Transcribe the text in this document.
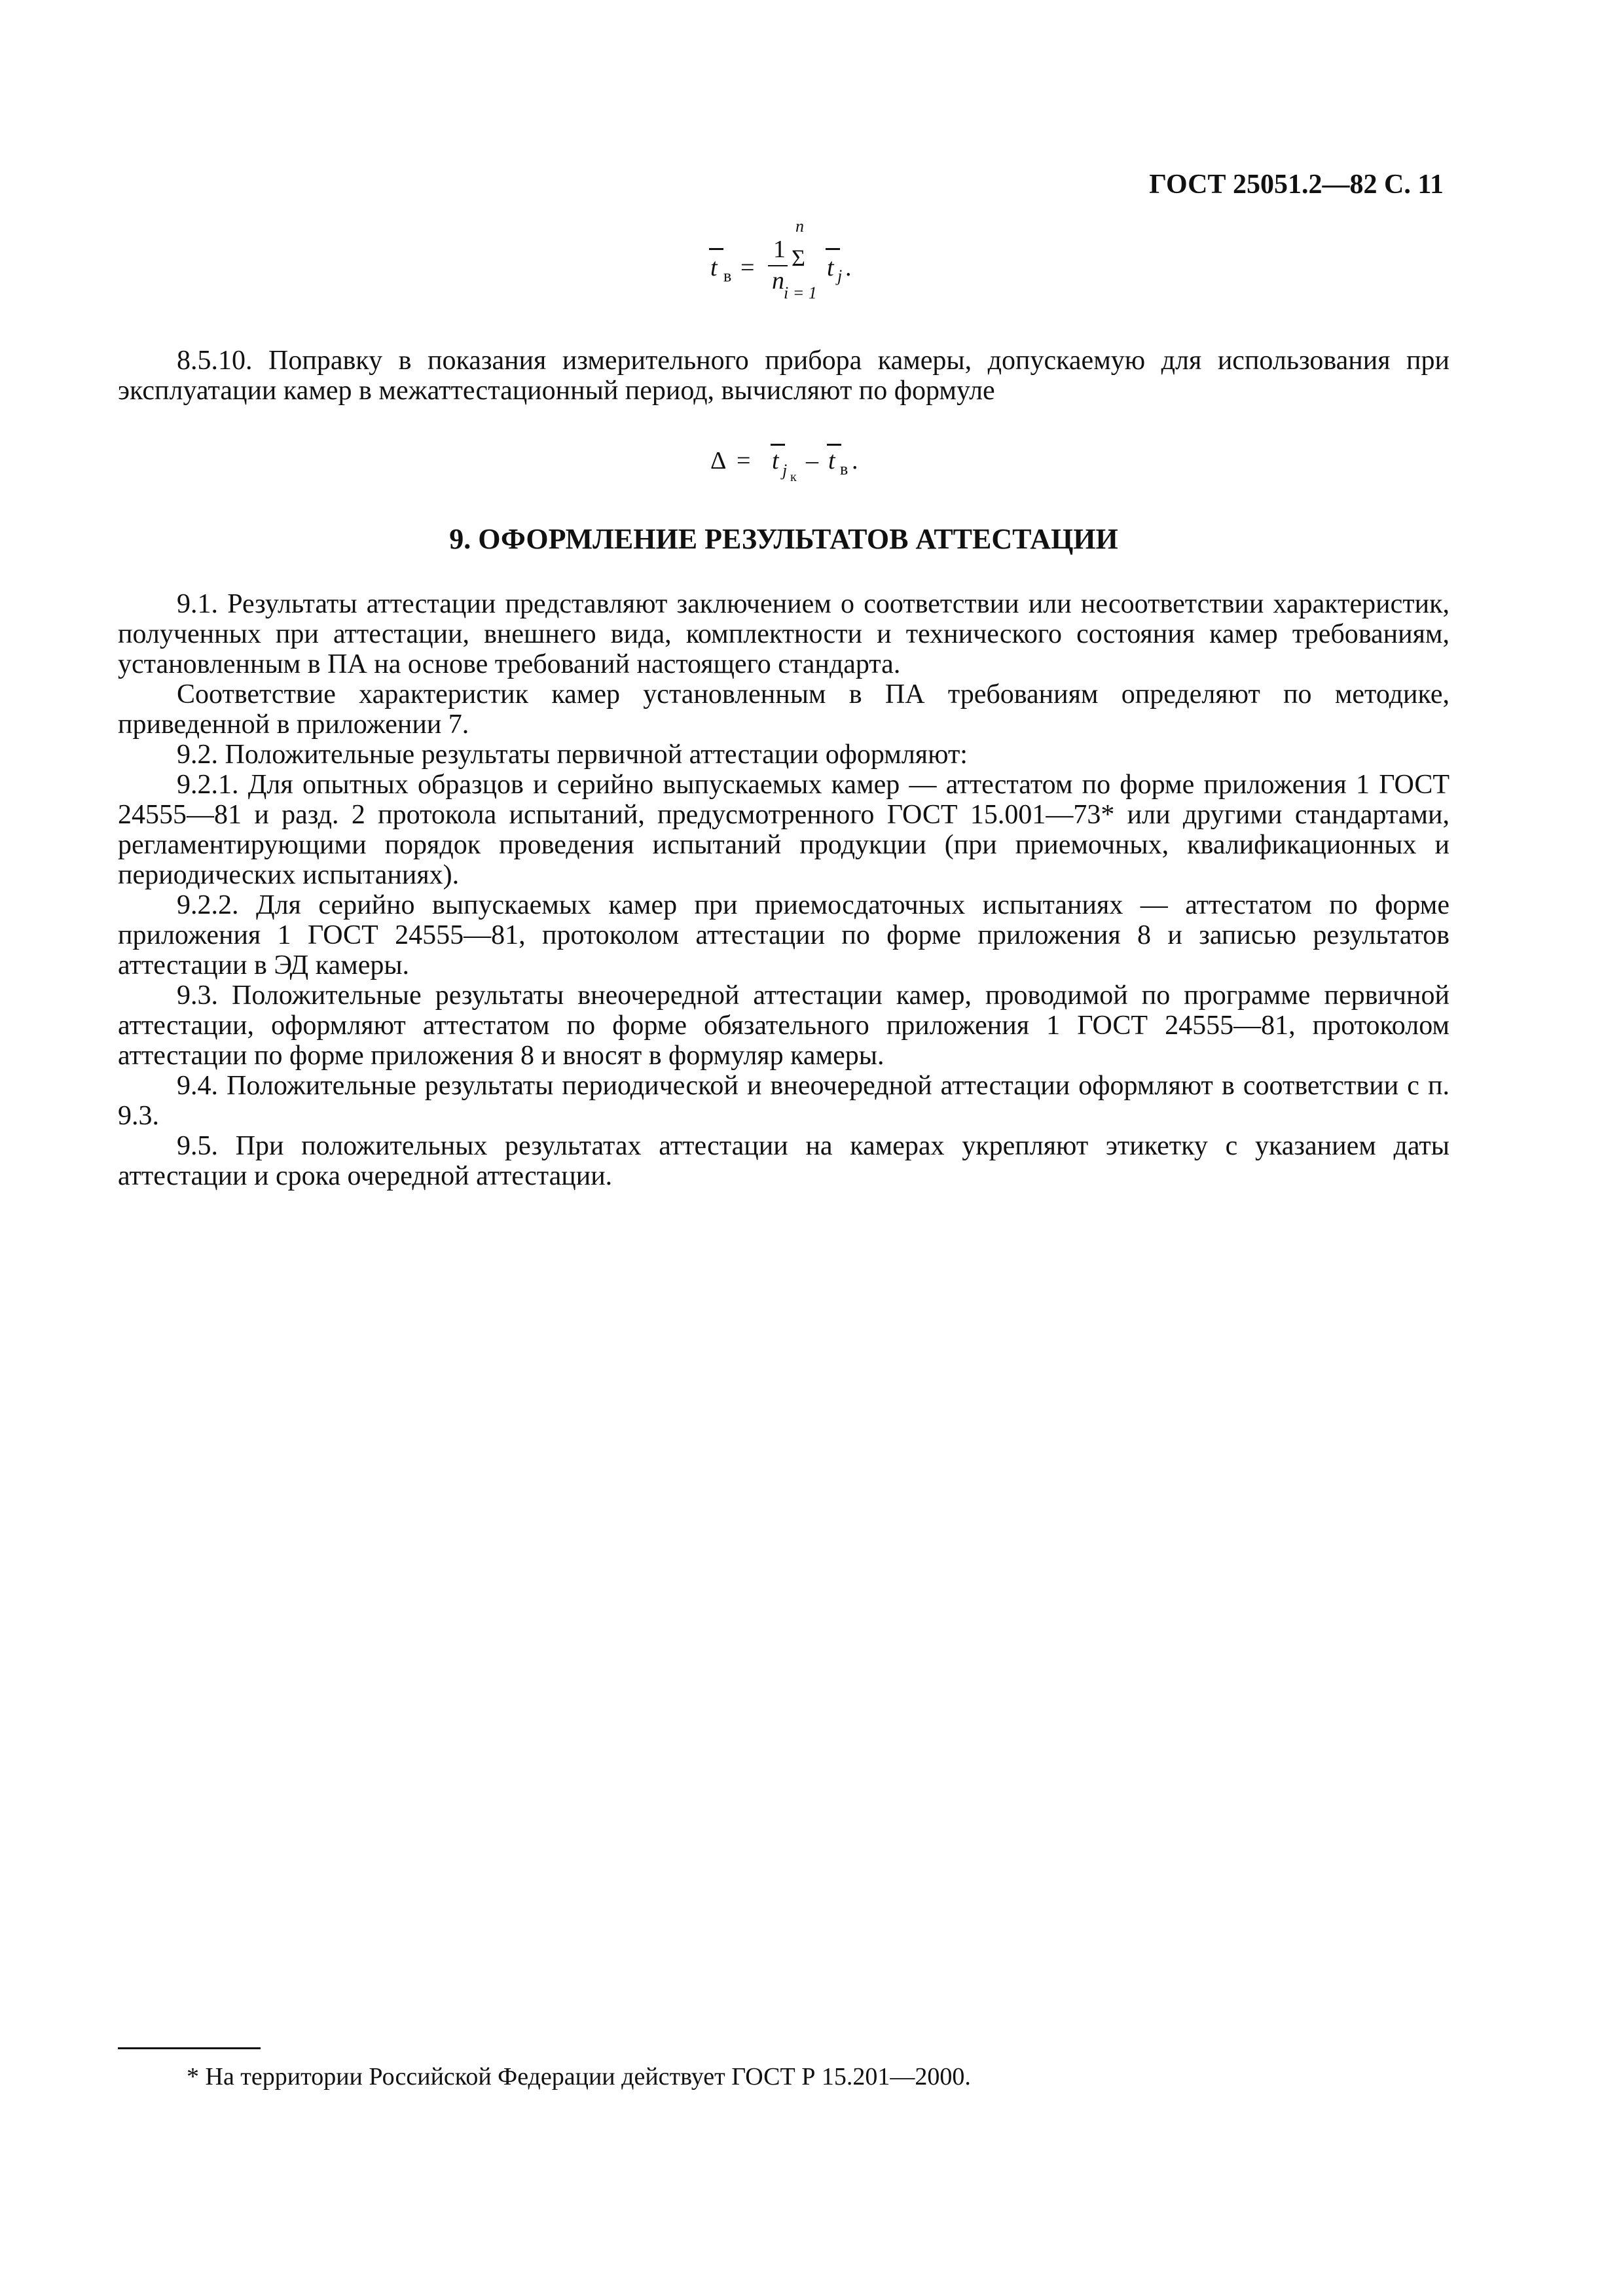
ГОСТ 25051.2—82 С. 11
t в =
1
n
n
Σ
i = 1
t j .

8.5.10. Поправку в показания измерительного прибора камеры, допускаемую для использования при эксплуатации камер в межаттестационный период, вычисляют по формуле

Δ = t j к
– t в .
9. ОФОРМЛЕНИЕ РЕЗУЛЬТАТОВ АТТЕСТАЦИИ

9.1. Результаты аттестации представляют заключением о соответствии или несоответствии характеристик, полученных при аттестации, внешнего вида, комплектности и технического состояния камер требованиям, установленным в ПА на основе требований настоящего стандарта.

Соответствие характеристик камер установленным в ПА требованиям определяют по методике, приведенной в приложении 7.

9.2. Положительные результаты первичной аттестации оформляют:

9.2.1. Для опытных образцов и серийно выпускаемых камер — аттестатом по форме приложения 1 ГОСТ 24555—81 и разд. 2 протокола испытаний, предусмотренного ГОСТ 15.001—73* или другими стандартами, регламентирующими порядок проведения испытаний продукции (при приемочных, квалификационных и периодических испытаниях).

9.2.2. Для серийно выпускаемых камер при приемосдаточных испытаниях — аттестатом по форме приложения 1 ГОСТ 24555—81, протоколом аттестации по форме приложения 8 и записью результатов аттестации в ЭД камеры.

9.3. Положительные результаты внеочередной аттестации камер, проводимой по программе первичной аттестации, оформляют аттестатом по форме обязательного приложения 1 ГОСТ 24555—81, протоколом аттестации по форме приложения 8 и вносят в формуляр камеры.

9.4. Положительные результаты периодической и внеочередной аттестации оформляют в соответствии с п. 9.3.

9.5. При положительных результатах аттестации на камерах укрепляют этикетку с указанием даты аттестации и срока очередной аттестации.

* На территории Российской Федерации действует ГОСТ Р 15.201—2000.
